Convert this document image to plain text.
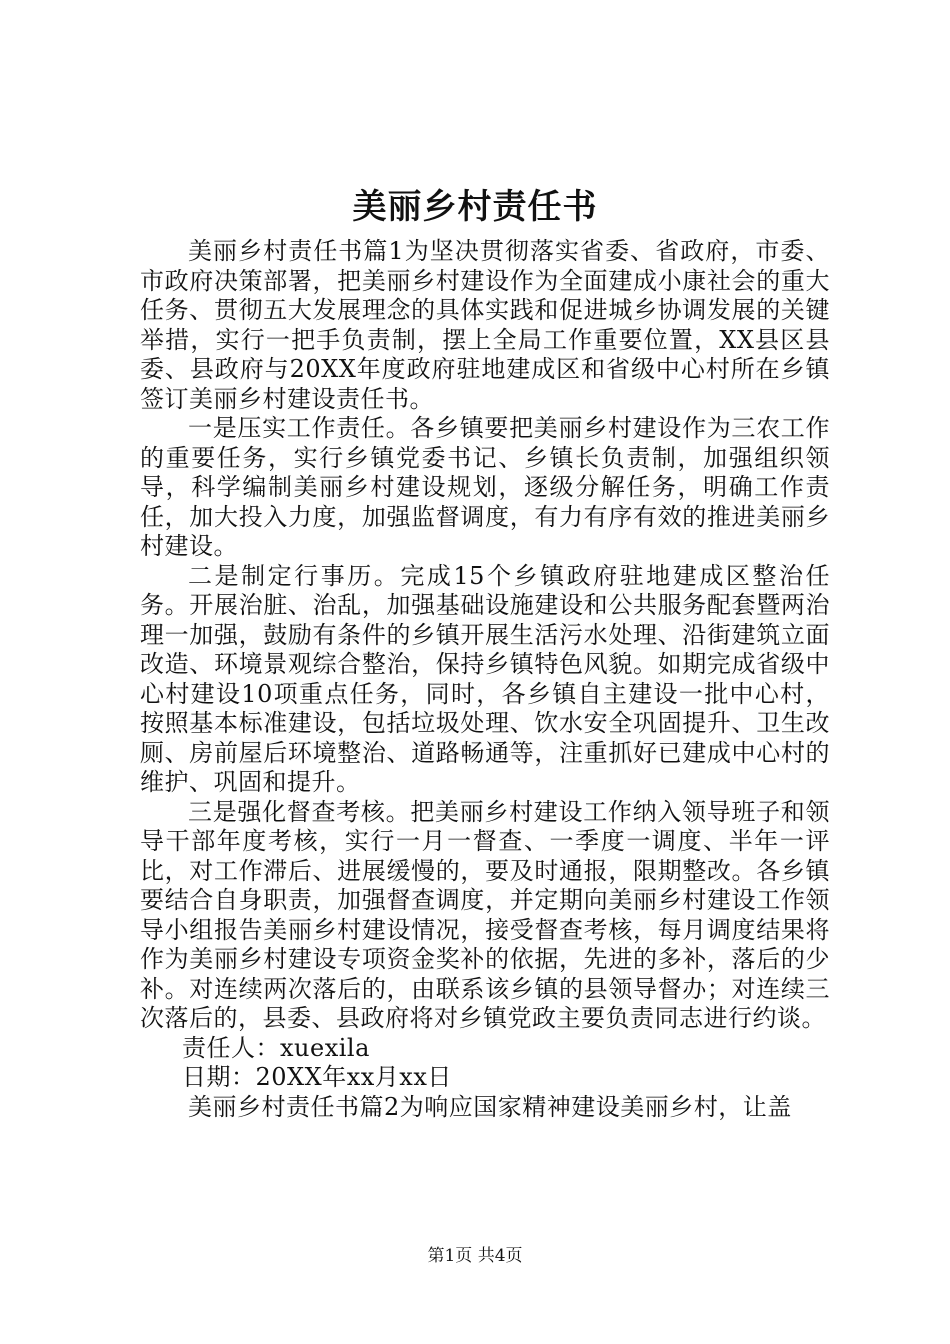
美丽乡村责任书

美丽乡村责任书篇1为坚决贯彻落实省委、省政府，市委、市政府决策部署，把美丽乡村建设作为全面建成小康社会的重大任务、贯彻五大发展理念的具体实践和促进城乡协调发展的关键举措，实行一把手负责制，摆上全局工作重要位置，XX县区县委、县政府与20XX年度政府驻地建成区和省级中心村所在乡镇签订美丽乡村建设责任书。

一是压实工作责任。各乡镇要把美丽乡村建设作为三农工作的重要任务，实行乡镇党委书记、乡镇长负责制，加强组织领导，科学编制美丽乡村建设规划，逐级分解任务，明确工作责任，加大投入力度，加强监督调度，有力有序有效的推进美丽乡村建设。

二是制定行事历。完成15个乡镇政府驻地建成区整治任务。开展治脏、治乱，加强基础设施建设和公共服务配套暨两治理一加强，鼓励有条件的乡镇开展生活污水处理、沿街建筑立面改造、环境景观综合整治，保持乡镇特色风貌。如期完成省级中心村建设10项重点任务，同时，各乡镇自主建设一批中心村，按照基本标准建设，包括垃圾处理、饮水安全巩固提升、卫生改厕、房前屋后环境整治、道路畅通等，注重抓好已建成中心村的维护、巩固和提升。

三是强化督查考核。把美丽乡村建设工作纳入领导班子和领导干部年度考核，实行一月一督查、一季度一调度、半年一评比，对工作滞后、进展缓慢的，要及时通报，限期整改。各乡镇要结合自身职责，加强督查调度，并定期向美丽乡村建设工作领导小组报告美丽乡村建设情况，接受督查考核，每月调度结果将作为美丽乡村建设专项资金奖补的依据，先进的多补，落后的少补。对连续两次落后的，由联系该乡镇的县领导督办；对连续三次落后的，县委、县政府将对乡镇党政主要负责同志进行约谈。

责任人：xuexila

日期：20XX年xx月xx日

美丽乡村责任书篇2为响应国家精神建设美丽乡村，让盖

第1页 共4页
